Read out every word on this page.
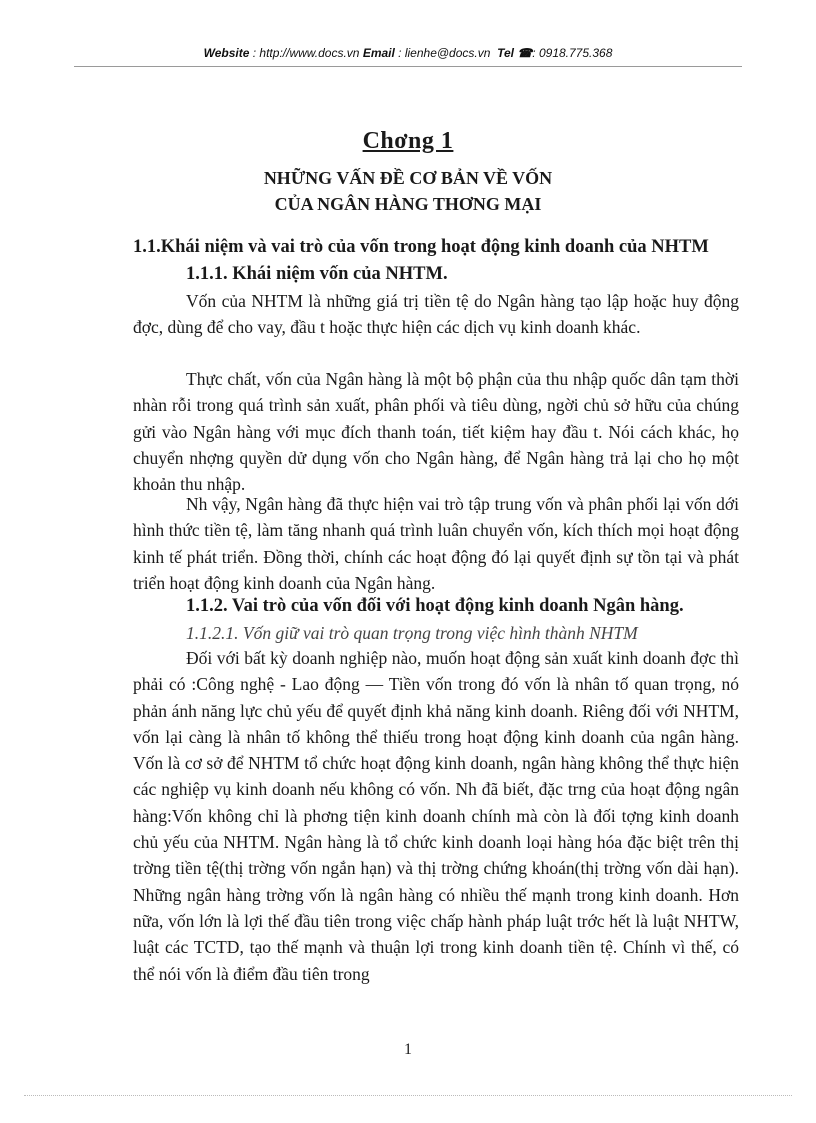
Website : http://www.docs.vn Email : lienhe@docs.vn Tel ☎: 0918.775.368
Chơng 1
NHỮNG VẤN ĐỀ CƠ BẢN VỀ VỐN
CỦA NGÂN HÀNG THƠNG MẠI
1.1.Khái niệm và vai trò của vốn trong hoạt động kinh doanh của NHTM
1.1.1. Khái niệm vốn của NHTM.

Vốn của NHTM là những giá trị tiền tệ do Ngân hàng tạo lập hoặc huy động đợc, dùng để cho vay, đầu t hoặc thực hiện các dịch vụ kinh doanh khác.

Thực chất, vốn của Ngân hàng là một bộ phận của thu nhập quốc dân tạm thời nhàn rỗi trong quá trình sản xuất, phân phối và tiêu dùng, ngời chủ sở hữu của chúng gửi vào Ngân hàng với mục đích thanh toán, tiết kiệm hay đầu t. Nói cách khác, họ chuyển nhợng quyền dử dụng vốn cho Ngân hàng, để Ngân hàng trả lại cho họ một khoản thu nhập.

Nh vậy, Ngân hàng đã thực hiện vai trò tập trung vốn và phân phối lại vốn dới hình thức tiền tệ, làm tăng nhanh quá trình luân chuyển vốn, kích thích mọi hoạt động kinh tế phát triển. Đồng thời, chính các hoạt động đó lại quyết định sự tồn tại và phát triển hoạt động kinh doanh của Ngân hàng.

1.1.2. Vai trò của vốn đối với hoạt động kinh doanh Ngân hàng.
1.1.2.1. Vốn giữ vai trò quan trọng trong việc hình thành NHTM

Đối với bất kỳ doanh nghiệp nào, muốn hoạt động sản xuất kinh doanh đợc thì phải có :Công nghệ - Lao động — Tiền vốn trong đó vốn là nhân tố quan trọng, nó phản ánh năng lực chủ yếu để quyết định khả năng kinh doanh. Riêng đối với NHTM, vốn lại càng là nhân tố không thể thiếu trong hoạt động kinh doanh của ngân hàng. Vốn là cơ sở để NHTM tổ chức hoạt động kinh doanh, ngân hàng không thể thực hiện các nghiệp vụ kinh doanh nếu không có vốn. Nh đã biết, đặc trng của hoạt động ngân hàng:Vốn không chỉ là phơng tiện kinh doanh chính mà còn là đối tợng kinh doanh chủ yếu của NHTM. Ngân hàng là tổ chức kinh doanh loại hàng hóa đặc biệt trên thị trờng tiền tệ(thị trờng vốn ngắn hạn) và thị trờng chứng khoán(thị trờng vốn dài hạn). Những ngân hàng trờng vốn là ngân hàng có nhiều thế mạnh trong kinh doanh. Hơn nữa, vốn lớn là lợi thế đầu tiên trong việc chấp hành pháp luật trớc hết là luật NHTW, luật các TCTD, tạo thế mạnh và thuận lợi trong kinh doanh tiền tệ. Chính vì thế, có thể nói vốn là điểm đầu tiên trong

1
